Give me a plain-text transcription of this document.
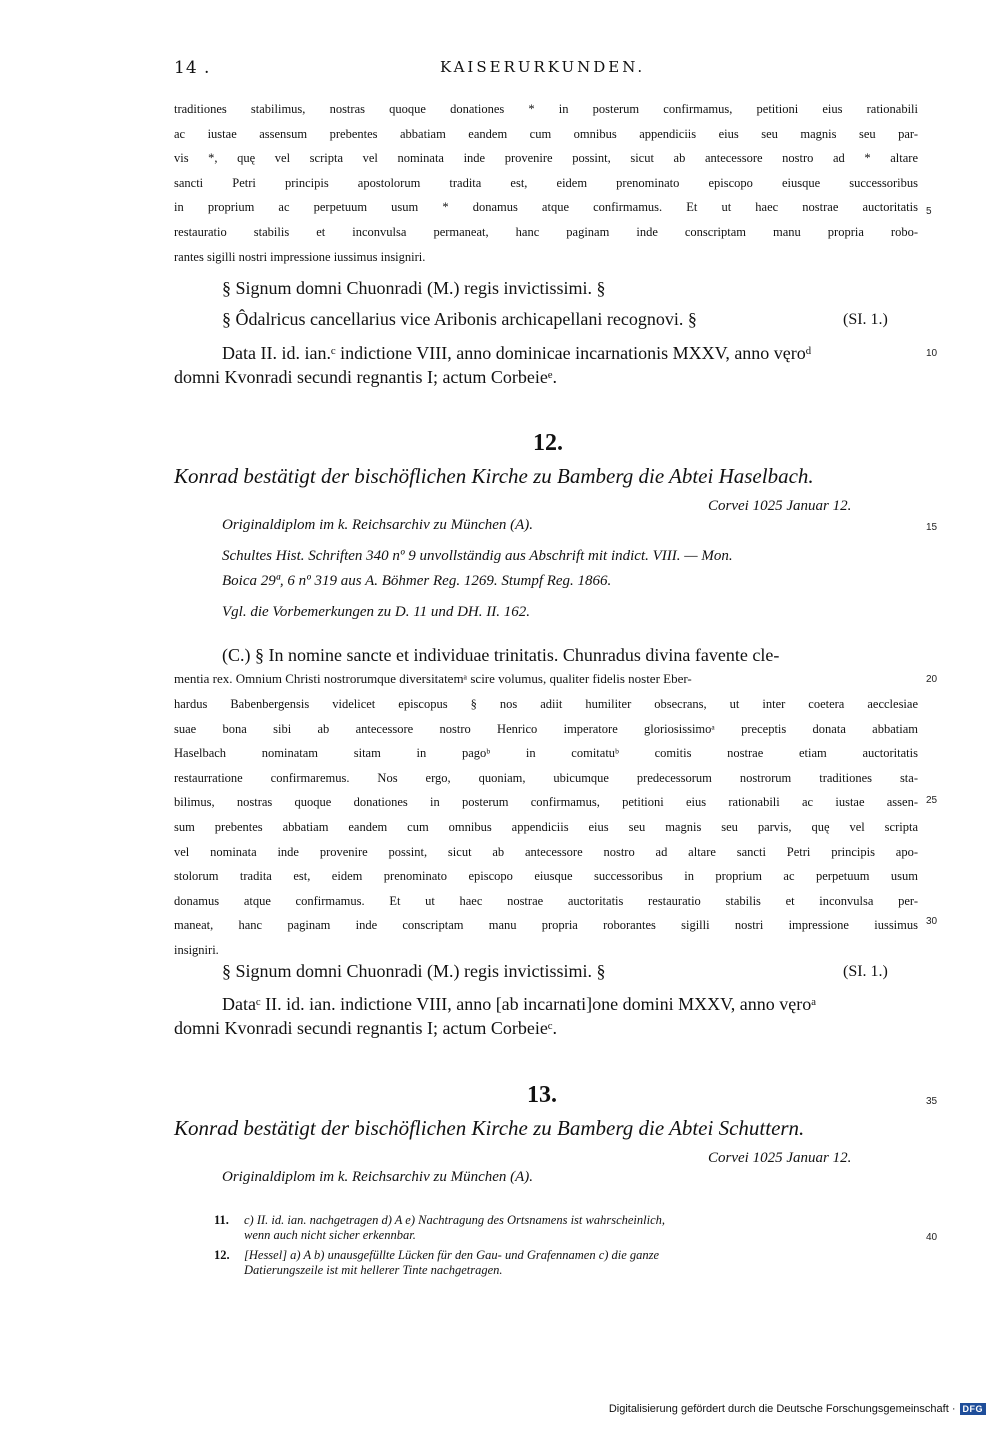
14 .	KAISERURKUNDEN.

traditiones stabilimus, nostras quoque donationes * in posterum confirmamus, petitioni eius rationabili

ac iustae assensum prebentes abbatiam eandem cum omnibus appendiciis eius seu magnis seu par-

vis *, quę vel scripta vel nominata inde provenire possint, sicut ab antecessore nostro ad * altare

sancti Petri principis apostolorum tradita est, eidem prenominato episcopo eiusque successoribus

in proprium ac perpetuum usum * donamus atque confirmamus. Et ut haec nostrae auctoritatis

restauratio stabilis et inconvulsa permaneat, hanc paginam inde conscriptam manu propria robo-

rantes sigilli nostri impressione iussimus insigniri.

§ Signum domni Chuonradi (M.) regis invictissimi. §
§ Ôdalricus cancellarius vice Aribonis archicapellani recognovi. §	(SI. 1.)
Data II. id. ian.ᶜ indictione VIII, anno dominicae incarnationis MXXV, anno vęroᵈ
domni Kvonradi secundi regnantis I; actum Corbeieᵉ.
12.
Konrad bestätigt der bischöflichen Kirche zu Bamberg die Abtei Haselbach.
Corvei 1025 Januar 12.
Originaldiplom im k. Reichsarchiv zu München (A).
Schultes Hist. Schriften 340 nº 9 unvollständig aus Abschrift mit indict. VIII. — Mon.
Boica 29ª, 6 nº 319 aus A. Böhmer Reg. 1269. Stumpf Reg. 1866.
Vgl. die Vorbemerkungen zu D. 11 und DH. II. 162.
(C.) § In nomine sancte et individuae trinitatis. Chunradus divina favente cle-
mentia rex. Omnium Christi nostrorumque diversitatemᵃ scire volumus, qualiter fidelis noster Eber-

hardus Babenbergensis videlicet episcopus § nos adiit humiliter obsecrans, ut inter coetera aecclesiae

suae bona sibi ab antecessore nostro Henrico imperatore gloriosissimoᵃ preceptis donata abbatiam

Haselbach nominatam sitam in pagoᵇ in comitatuᵇ comitis nostrae etiam auctoritatis

restaurratione confirmaremus. Nos ergo, quoniam, ubicumque predecessorum nostrorum traditiones sta-

bilimus, nostras quoque donationes in posterum confirmamus, petitioni eius rationabili ac iustae assen-

sum prebentes abbatiam eandem cum omnibus appendiciis eius seu magnis seu parvis, quę vel scripta

vel nominata inde provenire possint, sicut ab antecessore nostro ad altare sancti Petri principis apo-

stolorum tradita est, eidem prenominato episcopo eiusque successoribus in proprium ac perpetuum usum

donamus atque confirmamus. Et ut haec nostrae auctoritatis restauratio stabilis et inconvulsa per-

maneat, hanc paginam inde conscriptam manu propria roborantes sigilli nostri impressione iussimus

insigniri.

§ Signum domni Chuonradi (M.) regis invictissimi. §	(SI. 1.)
Dataᶜ II. id. ian. indictione VIII, anno [ab incarnati]one domini MXXV, anno vęroᵃ
domni Kvonradi secundi regnantis I; actum Corbeieᶜ.
13.
Konrad bestätigt der bischöflichen Kirche zu Bamberg die Abtei Schuttern.
Corvei 1025 Januar 12.
Originaldiplom im k. Reichsarchiv zu München (A).
11. c) II. id. ian. nachgetragen d) A e) Nachtragung des Ortsnamens ist wahrscheinlich,
wenn auch nicht sicher erkennbar.
12. [Hessel] a) A b) unausgefüllte Lücken für den Gau- und Grafennamen c) die ganze
Datierungszeile ist mit hellerer Tinte nachgetragen.
5
10
15
20
25
30
35
40
Digitalisierung gefördert durch die Deutsche Forschungsgemeinschaft · DFG
